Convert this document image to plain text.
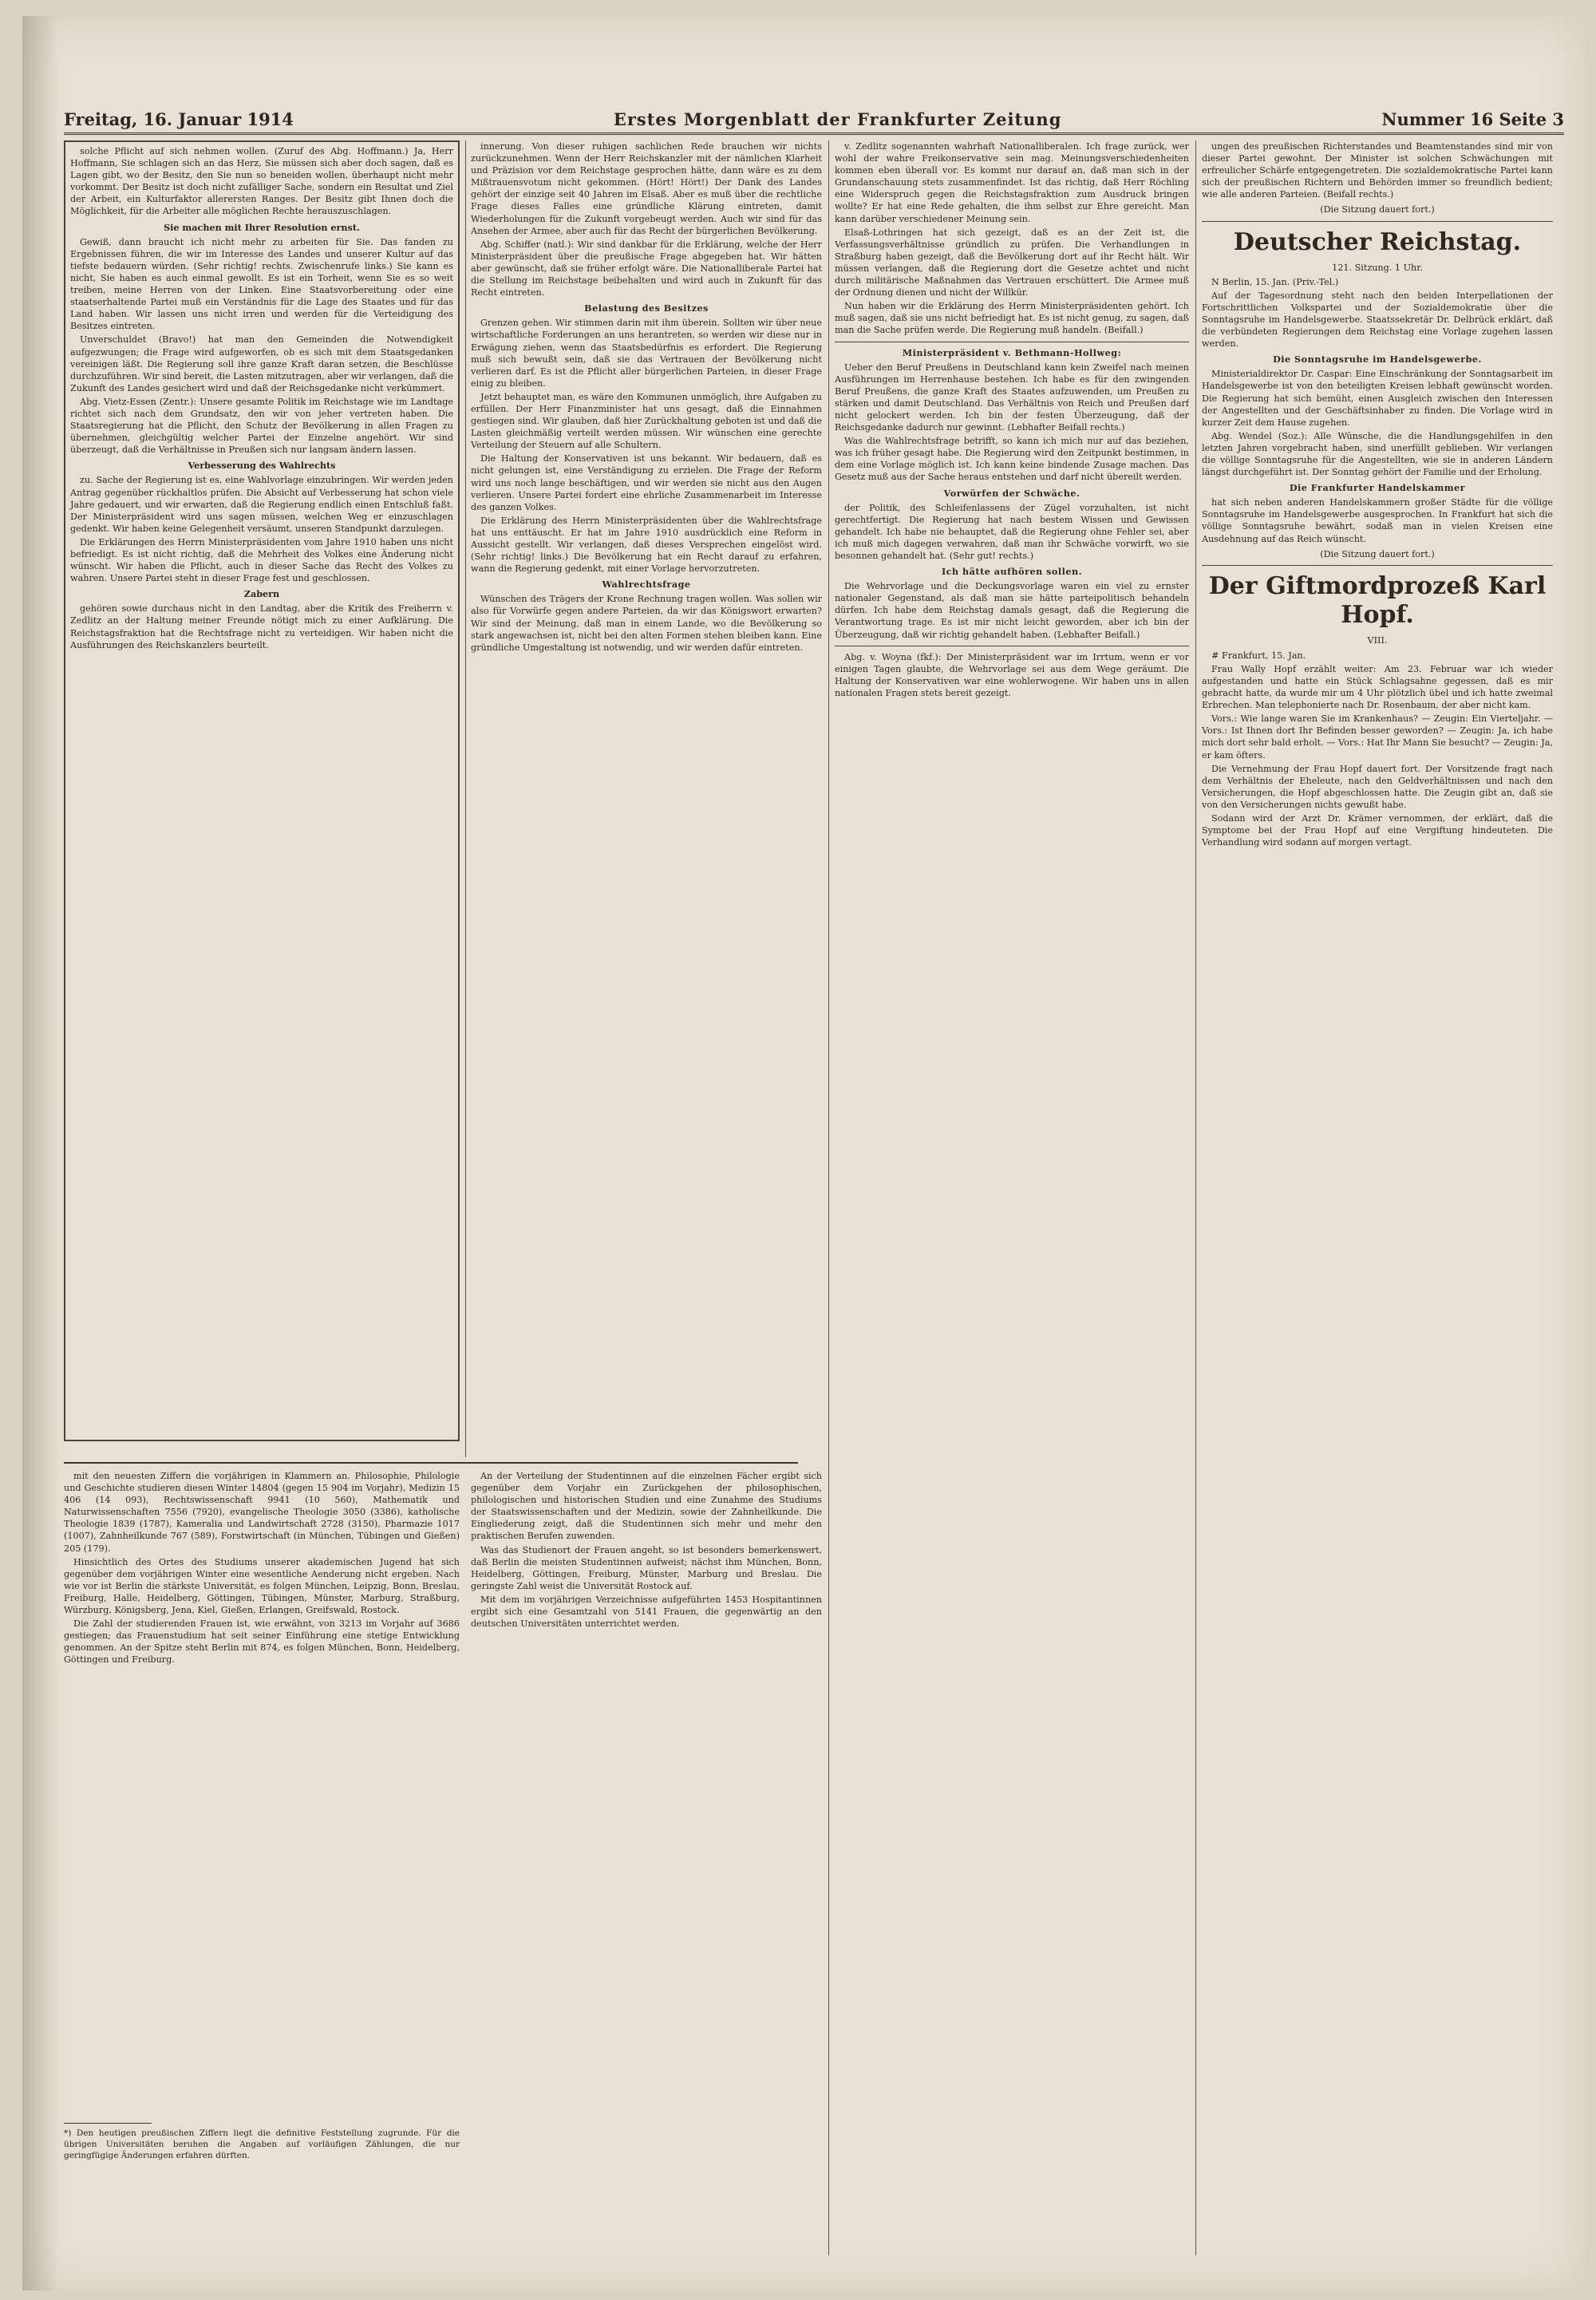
Freitag, 16. Januar 1914	Erstes Morgenblatt der Frankfurter Zeitung	Nummer 16 Seite 3

solche Pflicht auf sich nehmen wollen. (Zuruf des Abg. Hoffmann.) Ja, Herr Hoffmann, Sie schlagen sich an das Herz, Sie müssen sich aber doch sagen, daß es Lagen gibt, wo der Besitz, den Sie nun so beneiden wollen, überhaupt nicht mehr vorkommt. Der Besitz ist doch nicht zufälliger Sache, sondern ein Resultat und Ziel der Arbeit, ein Kulturfaktor allerersten Ranges. Der Besitz gibt Ihnen doch die Möglichkeit, für die Arbeiter alle möglichen Rechte herauszuschlagen.

Sie machen mit Ihrer Resolution ernst.

Gewiß, dann braucht ich nicht mehr zu arbeiten für Sie. Das fanden zu Ergebnissen führen, die wir im Interesse des Landes und unserer Kultur auf das tiefste bedauern würden. (Sehr richtig! rechts. Zwischenrufe links.) Sie kann es nicht, Sie haben es auch einmal gewollt. Es ist ein Torheit, wenn Sie es so weit treiben, meine Herren von der Linken. Eine Staatsvorbereitung oder eine staatserhaltende Partei muß ein Verständnis für die Lage des Staates und für das Land haben. Wir lassen uns nicht irren und werden für die Verteidigung des Besitzes eintreten.

Unverschuldet (Bravo!) hat man den Gemeinden die Notwendigkeit aufgezwungen; die Frage wird aufgeworfen, ob es sich mit dem Staatsgedanken vereinigen läßt. Die Regierung soll ihre ganze Kraft daran setzen, die Beschlüsse durchzuführen. Wir sind bereit, die Lasten mitzutragen, aber wir verlangen, daß die Zukunft des Landes gesichert wird und daß der Reichsgedanke nicht verkümmert.

Abg. Vietz-Essen (Zentr.): Unsere gesamte Politik im Reichstage wie im Landtage richtet sich nach dem Grundsatz, den wir von jeher vertreten haben. Die Staatsregierung hat die Pflicht, den Schutz der Bevölkerung in allen Fragen zu übernehmen, gleichgültig welcher Partei der Einzelne angehört. Wir sind überzeugt, daß die Verhältnisse in Preußen sich nur langsam ändern lassen.

Verbesserung des Wahlrechts

zu. Sache der Regierung ist es, eine Wahlvorlage einzubringen. Wir werden jeden Antrag gegenüber rückhaltlos prüfen. Die Absicht auf Verbesserung hat schon viele Jahre gedauert, und wir erwarten, daß die Regierung endlich einen Entschluß faßt. Der Ministerpräsident wird uns sagen müssen, welchen Weg er einzuschlagen gedenkt. Wir haben keine Gelegenheit versäumt, unseren Standpunkt darzulegen.

Die Erklärungen des Herrn Ministerpräsidenten vom Jahre 1910 haben uns nicht befriedigt. Es ist nicht richtig, daß die Mehrheit des Volkes eine Änderung nicht wünscht. Wir haben die Pflicht, auch in dieser Sache das Recht des Volkes zu wahren. Unsere Partei steht in dieser Frage fest und geschlossen.

Zabern

gehören sowie durchaus nicht in den Landtag, aber die Kritik des Freiherrn v. Zedlitz an der Haltung meiner Freunde nötigt mich zu einer Aufklärung. Die Reichstagsfraktion hat die Rechtsfrage nicht zu verteidigen. Wir haben nicht die Ausführungen des Reichskanzlers beurteilt.

innerung. Von dieser ruhigen sachlichen Rede brauchen wir nichts zurückzunehmen. Wenn der Herr Reichskanzler mit der nämlichen Klarheit und Präzision vor dem Reichstage gesprochen hätte, dann wäre es zu dem Mißtrauensvotum nicht gekommen. (Hört! Hört!) Der Dank des Landes gehört der einzige seit 40 Jahren im Elsaß. Aber es muß über die rechtliche Frage dieses Falles eine gründliche Klärung eintreten, damit Wiederholungen für die Zukunft vorgebeugt werden. Auch wir sind für das Ansehen der Armee, aber auch für das Recht der bürgerlichen Bevölkerung.

Abg. Schiffer (natl.): Wir sind dankbar für die Erklärung, welche der Herr Ministerpräsident über die preußische Frage abgegeben hat. Wir hätten aber gewünscht, daß sie früher erfolgt wäre. Die Nationalliberale Partei hat die Stellung im Reichstage beibehalten und wird auch in Zukunft für das Recht eintreten.

Belastung des Besitzes

Grenzen gehen. Wir stimmen darin mit ihm überein. Sollten wir über neue wirtschaftliche Forderungen an uns herantreten, so werden wir diese nur in Erwägung ziehen, wenn das Staatsbedürfnis es erfordert. Die Regierung muß sich bewußt sein, daß sie das Vertrauen der Bevölkerung nicht verlieren darf. Es ist die Pflicht aller bürgerlichen Parteien, in dieser Frage einig zu bleiben.

Jetzt behauptet man, es wäre den Kommunen unmöglich, ihre Aufgaben zu erfüllen. Der Herr Finanzminister hat uns gesagt, daß die Einnahmen gestiegen sind. Wir glauben, daß hier Zurückhaltung geboten ist und daß die Lasten gleichmäßig verteilt werden müssen. Wir wünschen eine gerechte Verteilung der Steuern auf alle Schultern.

Die Haltung der Konservativen ist uns bekannt. Wir bedauern, daß es nicht gelungen ist, eine Verständigung zu erzielen. Die Frage der Reform wird uns noch lange beschäftigen, und wir werden sie nicht aus den Augen verlieren. Unsere Partei fordert eine ehrliche Zusammenarbeit im Interesse des ganzen Volkes.

Die Erklärung des Herrn Ministerpräsidenten über die Wahlrechtsfrage hat uns enttäuscht. Er hat im Jahre 1910 ausdrücklich eine Reform in Aussicht gestellt. Wir verlangen, daß dieses Versprechen eingelöst wird. (Sehr richtig! links.) Die Bevölkerung hat ein Recht darauf zu erfahren, wann die Regierung gedenkt, mit einer Vorlage hervorzutreten.

Wahlrechtsfrage

Wünschen des Trägers der Krone Rechnung tragen wollen. Was sollen wir also für Vorwürfe gegen andere Parteien, da wir das Königswort erwarten? Wir sind der Meinung, daß man in einem Lande, wo die Bevölkerung so stark angewachsen ist, nicht bei den alten Formen stehen bleiben kann. Eine gründliche Umgestaltung ist notwendig, und wir werden dafür eintreten.

v. Zedlitz sogenannten wahrhaft Nationalliberalen. Ich frage zurück, wer wohl der wahre Freikonservative sein mag. Meinungsverschiedenheiten kommen eben überall vor. Es kommt nur darauf an, daß man sich in der Grundanschauung stets zusammenfindet. Ist das richtig, daß Herr Röchling eine Widerspruch gegen die Reichstagsfraktion zum Ausdruck bringen wollte? Er hat eine Rede gehalten, die ihm selbst zur Ehre gereicht. Man kann darüber verschiedener Meinung sein.

Elsaß-Lothringen hat sich gezeigt, daß es an der Zeit ist, die Verfassungsverhältnisse gründlich zu prüfen. Die Verhandlungen in Straßburg haben gezeigt, daß die Bevölkerung dort auf ihr Recht hält. Wir müssen verlangen, daß die Regierung dort die Gesetze achtet und nicht durch militärische Maßnahmen das Vertrauen erschüttert. Die Armee muß der Ordnung dienen und nicht der Willkür.

Nun haben wir die Erklärung des Herrn Ministerpräsidenten gehört. Ich muß sagen, daß sie uns nicht befriedigt hat. Es ist nicht genug, zu sagen, daß man die Sache prüfen werde. Die Regierung muß handeln. (Beifall.)

Ministerpräsident v. Bethmann-Hollweg:

Ueber den Beruf Preußens in Deutschland kann kein Zweifel nach meinen Ausführungen im Herrenhause bestehen. Ich habe es für den zwingenden Beruf Preußens, die ganze Kraft des Staates aufzuwenden, um Preußen zu stärken und damit Deutschland. Das Verhältnis von Reich und Preußen darf nicht gelockert werden. Ich bin der festen Überzeugung, daß der Reichsgedanke dadurch nur gewinnt. (Lebhafter Beifall rechts.)

Was die Wahlrechtsfrage betrifft, so kann ich mich nur auf das beziehen, was ich früher gesagt habe. Die Regierung wird den Zeitpunkt bestimmen, in dem eine Vorlage möglich ist. Ich kann keine bindende Zusage machen. Das Gesetz muß aus der Sache heraus entstehen und darf nicht übereilt werden.

Vorwürfen der Schwäche.

der Politik, des Schleifenlassens der Zügel vorzuhalten, ist nicht gerechtfertigt. Die Regierung hat nach bestem Wissen und Gewissen gehandelt. Ich habe nie behauptet, daß die Regierung ohne Fehler sei, aber ich muß mich dagegen verwahren, daß man ihr Schwäche vorwirft, wo sie besonnen gehandelt hat. (Sehr gut! rechts.)

Ich hätte aufhören sollen.

Die Wehrvorlage und die Deckungsvorlage waren ein viel zu ernster nationaler Gegenstand, als daß man sie hätte parteipolitisch behandeln dürfen. Ich habe dem Reichstag damals gesagt, daß die Regierung die Verantwortung trage. Es ist mir nicht leicht geworden, aber ich bin der Überzeugung, daß wir richtig gehandelt haben. (Lebhafter Beifall.)

Abg. v. Woyna (fkf.): Der Ministerpräsident war im Irrtum, wenn er vor einigen Tagen glaubte, die Wehrvorlage sei aus dem Wege geräumt. Die Haltung der Konservativen war eine wohlerwogene. Wir haben uns in allen nationalen Fragen stets bereit gezeigt.

ungen des preußischen Richterstandes und Beamtenstandes sind mir von dieser Partei gewohnt. Der Minister ist solchen Schwächungen mit erfreulicher Schärfe entgegengetreten. Die sozialdemokratische Partei kann sich der preußischen Richtern und Behörden immer so freundlich bedient; wie alle anderen Parteien. (Beifall rechts.)

(Die Sitzung dauert fort.)

Deutscher Reichstag.

121. Sitzung. 1 Uhr.

N Berlin, 15. Jan. (Priv.-Tel.)

Auf der Tagesordnung steht nach den beiden Interpellationen der Fortschrittlichen Volkspartei und der Sozialdemokratie über die Sonntagsruhe im Handelsgewerbe. Staatssekretär Dr. Delbrück erklärt, daß die verbündeten Regierungen dem Reichstag eine Vorlage zugehen lassen werden.

Die Sonntagsruhe im Handelsgewerbe.

Ministerialdirektor Dr. Caspar: Eine Einschränkung der Sonntagsarbeit im Handelsgewerbe ist von den beteiligten Kreisen lebhaft gewünscht worden. Die Regierung hat sich bemüht, einen Ausgleich zwischen den Interessen der Angestellten und der Geschäftsinhaber zu finden. Die Vorlage wird in kurzer Zeit dem Hause zugehen.

Abg. Wendel (Soz.): Alle Wünsche, die die Handlungsgehilfen in den letzten Jahren vorgebracht haben, sind unerfüllt geblieben. Wir verlangen die völlige Sonntagsruhe für die Angestellten, wie sie in anderen Ländern längst durchgeführt ist. Der Sonntag gehört der Familie und der Erholung.

Die Frankfurter Handelskammer

hat sich neben anderen Handelskammern großer Städte für die völlige Sonntagsruhe im Handelsgewerbe ausgesprochen. In Frankfurt hat sich die völlige Sonntagsruhe bewährt, sodaß man in vielen Kreisen eine Ausdehnung auf das Reich wünscht.

(Die Sitzung dauert fort.)

Der Giftmordprozeß Karl Hopf.

VIII.

# Frankfurt, 15. Jan.

Frau Wally Hopf erzählt weiter: Am 23. Februar war ich wieder aufgestanden und hatte ein Stück Schlagsahne gegessen, daß es mir gebracht hatte, da wurde mir um 4 Uhr plötzlich übel und ich hatte zweimal Erbrechen. Man telephonierte nach Dr. Rosenbaum, der aber nicht kam.

Vors.: Wie lange waren Sie im Krankenhaus? — Zeugin: Ein Vierteljahr. — Vors.: Ist Ihnen dort Ihr Befinden besser geworden? — Zeugin: Ja, ich habe mich dort sehr bald erholt. — Vors.: Hat Ihr Mann Sie besucht? — Zeugin: Ja, er kam öfters.

Die Vernehmung der Frau Hopf dauert fort. Der Vorsitzende fragt nach dem Verhältnis der Eheleute, nach den Geldverhältnissen und nach den Versicherungen, die Hopf abgeschlossen hatte. Die Zeugin gibt an, daß sie von den Versicherungen nichts gewußt habe.

Sodann wird der Arzt Dr. Krämer vernommen, der erklärt, daß die Symptome bei der Frau Hopf auf eine Vergiftung hindeuteten. Die Verhandlung wird sodann auf morgen vertagt.

mit den neuesten Ziffern die vorjährigen in Klammern an. Philosophie, Philologie und Geschichte studieren diesen Winter 14804 (gegen 15 904 im Vorjahr), Medizin 15 406 (14 093), Rechtswissenschaft 9941 (10 560), Mathematik und Naturwissenschaften 7556 (7920), evangelische Theologie 3050 (3386), katholische Theologie 1839 (1787), Kameralia und Landwirtschaft 2728 (3150), Pharmazie 1017 (1007), Zahnheilkunde 767 (589), Forstwirtschaft (in München, Tübingen und Gießen) 205 (179).

Hinsichtlich des Ortes des Studiums unserer akademischen Jugend hat sich gegenüber dem vorjährigen Winter eine wesentliche Aenderung nicht ergeben. Nach wie vor ist Berlin die stärkste Universität, es folgen München, Leipzig, Bonn, Breslau, Freiburg, Halle, Heidelberg, Göttingen, Tübingen, Münster, Marburg, Straßburg, Würzburg, Königsberg, Jena, Kiel, Gießen, Erlangen, Greifswald, Rostock.

Die Zahl der studierenden Frauen ist, wie erwähnt, von 3213 im Vorjahr auf 3686 gestiegen; das Frauenstudium hat seit seiner Einführung eine stetige Entwicklung genommen. An der Spitze steht Berlin mit 874, es folgen München, Bonn, Heidelberg, Göttingen und Freiburg.

An der Verteilung der Studentinnen auf die einzelnen Fächer ergibt sich gegenüber dem Vorjahr ein Zurückgehen der philosophischen, philologischen und historischen Studien und eine Zunahme des Studiums der Staatswissenschaften und der Medizin, sowie der Zahnheilkunde. Die Eingliederung zeigt, daß die Studentinnen sich mehr und mehr den praktischen Berufen zuwenden.

Was das Studienort der Frauen angeht, so ist besonders bemerkenswert, daß Berlin die meisten Studentinnen aufweist; nächst ihm München, Bonn, Heidelberg, Göttingen, Freiburg, Münster, Marburg und Breslau. Die geringste Zahl weist die Universität Rostock auf.

Mit dem im vorjährigen Verzeichnisse aufgeführten 1453 Hospitantinnen ergibt sich eine Gesamtzahl von 5141 Frauen, die gegenwärtig an den deutschen Universitäten unterrichtet werden.

*) Den heutigen preußischen Ziffern liegt die definitive Feststellung zugrunde. Für die übrigen Universitäten beruhen die Angaben auf vorläufigen Zählungen, die nur geringfügige Änderungen erfahren dürften.
